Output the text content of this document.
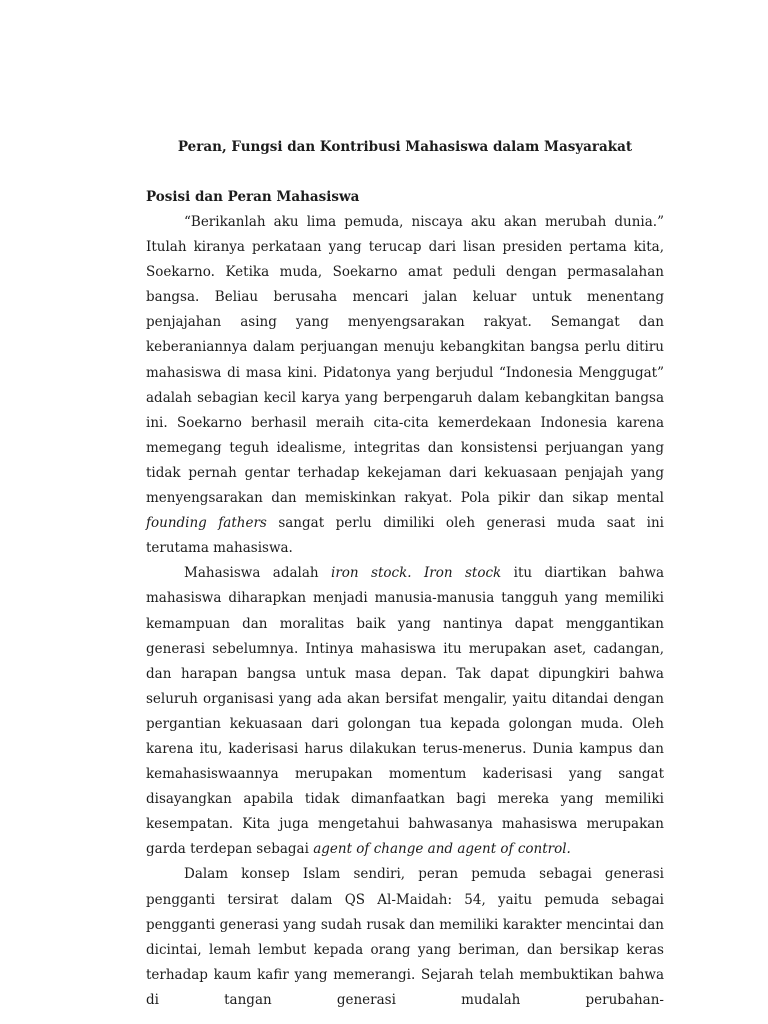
Peran, Fungsi dan Kontribusi Mahasiswa dalam Masyarakat
Posisi dan Peran Mahasiswa

“Berikanlah aku lima pemuda, niscaya aku akan merubah dunia.” Itulah kiranya perkataan yang terucap dari lisan presiden pertama kita, Soekarno. Ketika muda, Soekarno amat peduli dengan permasalahan bangsa. Beliau berusaha mencari jalan keluar untuk menentang penjajahan asing yang menyengsarakan rakyat. Semangat dan keberaniannya dalam perjuangan menuju kebangkitan bangsa perlu ditiru mahasiswa di masa kini. Pidatonya yang berjudul “Indonesia Menggugat” adalah sebagian kecil karya yang berpengaruh dalam kebangkitan bangsa ini. Soekarno berhasil meraih cita-cita kemerdekaan Indonesia karena memegang teguh idealisme, integritas dan konsistensi perjuangan yang tidak pernah gentar terhadap kekejaman dari kekuasaan penjajah yang menyengsarakan dan memiskinkan rakyat. Pola pikir dan sikap mental founding fathers sangat perlu dimiliki oleh generasi muda saat ini terutama mahasiswa.

Mahasiswa adalah iron stock. Iron stock itu diartikan bahwa mahasiswa diharapkan menjadi manusia-manusia tangguh yang memiliki kemampuan dan moralitas baik yang nantinya dapat menggantikan generasi sebelumnya. Intinya mahasiswa itu merupakan aset, cadangan, dan harapan bangsa untuk masa depan. Tak dapat dipungkiri bahwa seluruh organisasi yang ada akan bersifat mengalir, yaitu ditandai dengan pergantian kekuasaan dari golongan tua kepada golongan muda. Oleh karena itu, kaderisasi harus dilakukan terus-menerus. Dunia kampus dan kemahasiswaannya merupakan momentum kaderisasi yang sangat disayangkan apabila tidak dimanfaatkan bagi mereka yang memiliki kesempatan. Kita juga mengetahui bahwasanya mahasiswa merupakan garda terdepan sebagai agent of change and agent of control.

Dalam konsep Islam sendiri, peran pemuda sebagai generasi pengganti tersirat dalam QS Al-Maidah: 54, yaitu pemuda sebagai pengganti generasi yang sudah rusak dan memiliki karakter mencintai dan dicintai, lemah lembut kepada orang yang beriman, dan bersikap keras terhadap kaum kafir yang memerangi. Sejarah telah membuktikan bahwa di tangan generasi mudalah perubahan-
